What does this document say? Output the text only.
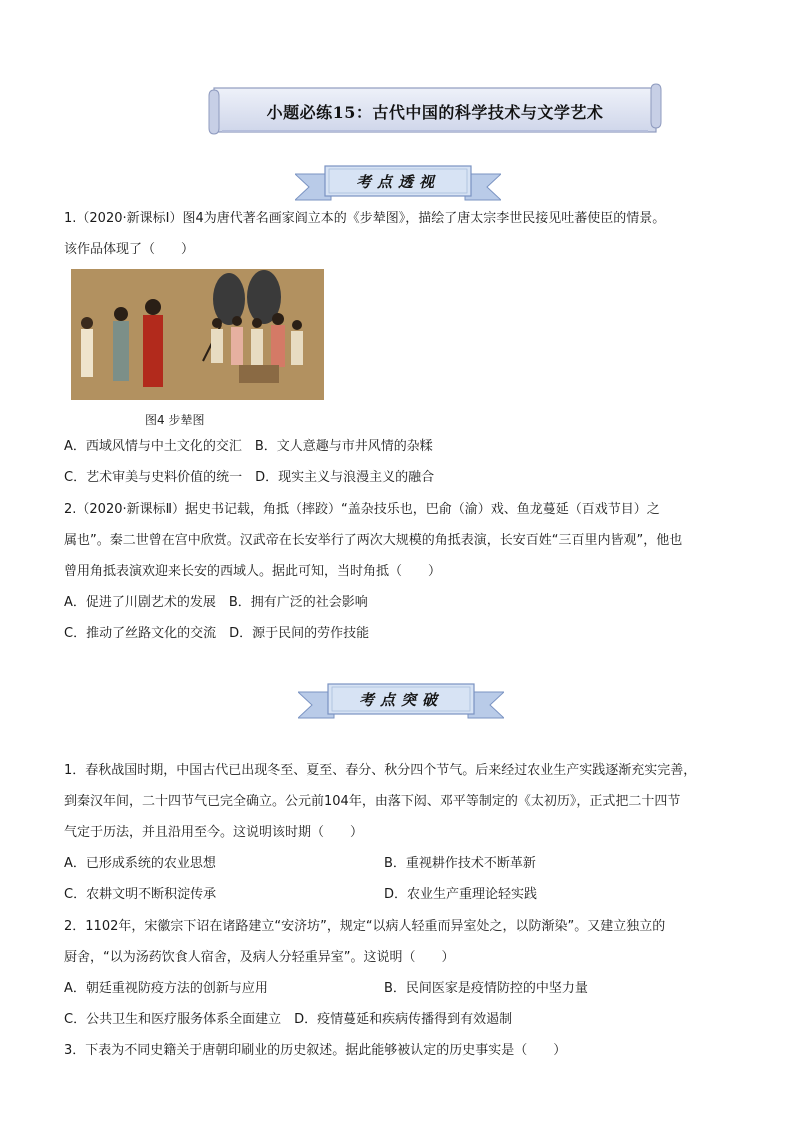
小题必练15：古代中国的科学技术与文学艺术
考点透视
1.（2020·新课标Ⅰ）图4为唐代著名画家阎立本的《步辇图》，描绘了唐太宗李世民接见吐蕃使臣的情景。
该作品体现了（　　）
图4 步辇图
A．西域风情与中土文化的交汇　B．文人意趣与市井风情的杂糅
C．艺术审美与史料价值的统一　D．现实主义与浪漫主义的融合
2.（2020·新课标Ⅱ）据史书记载，角抵（摔跤）“盖杂技乐也，巴俞（渝）戏、鱼龙蔓延（百戏节目）之
属也”。秦二世曾在宫中欣赏。汉武帝在长安举行了两次大规模的角抵表演，长安百姓“三百里内皆观”，他也
曾用角抵表演欢迎来长安的西域人。据此可知，当时角抵（　　）
A．促进了川剧艺术的发展　B．拥有广泛的社会影响
C．推动了丝路文化的交流　D．源于民间的劳作技能
考点突破
1．春秋战国时期，中国古代已出现冬至、夏至、春分、秋分四个节气。后来经过农业生产实践逐渐充实完善，
到秦汉年间，二十四节气已完全确立。公元前104年，由落下闳、邓平等制定的《太初历》，正式把二十四节
气定于历法，并且沿用至今。这说明该时期（　　）
A．已形成系统的农业思想	B．重视耕作技术不断革新
C．农耕文明不断积淀传承	D．农业生产重理论轻实践
2．1102年，宋徽宗下诏在诸路建立“安济坊”，规定“以病人轻重而异室处之，以防渐染”。又建立独立的
厨舍，“以为汤药饮食人宿舍，及病人分轻重异室”。这说明（　　）
A．朝廷重视防疫方法的创新与应用	B．民间医家是疫情防控的中坚力量
C．公共卫生和医疗服务体系全面建立　D．疫情蔓延和疾病传播得到有效遏制
3．下表为不同史籍关于唐朝印刷业的历史叙述。据此能够被认定的历史事实是（　　）
